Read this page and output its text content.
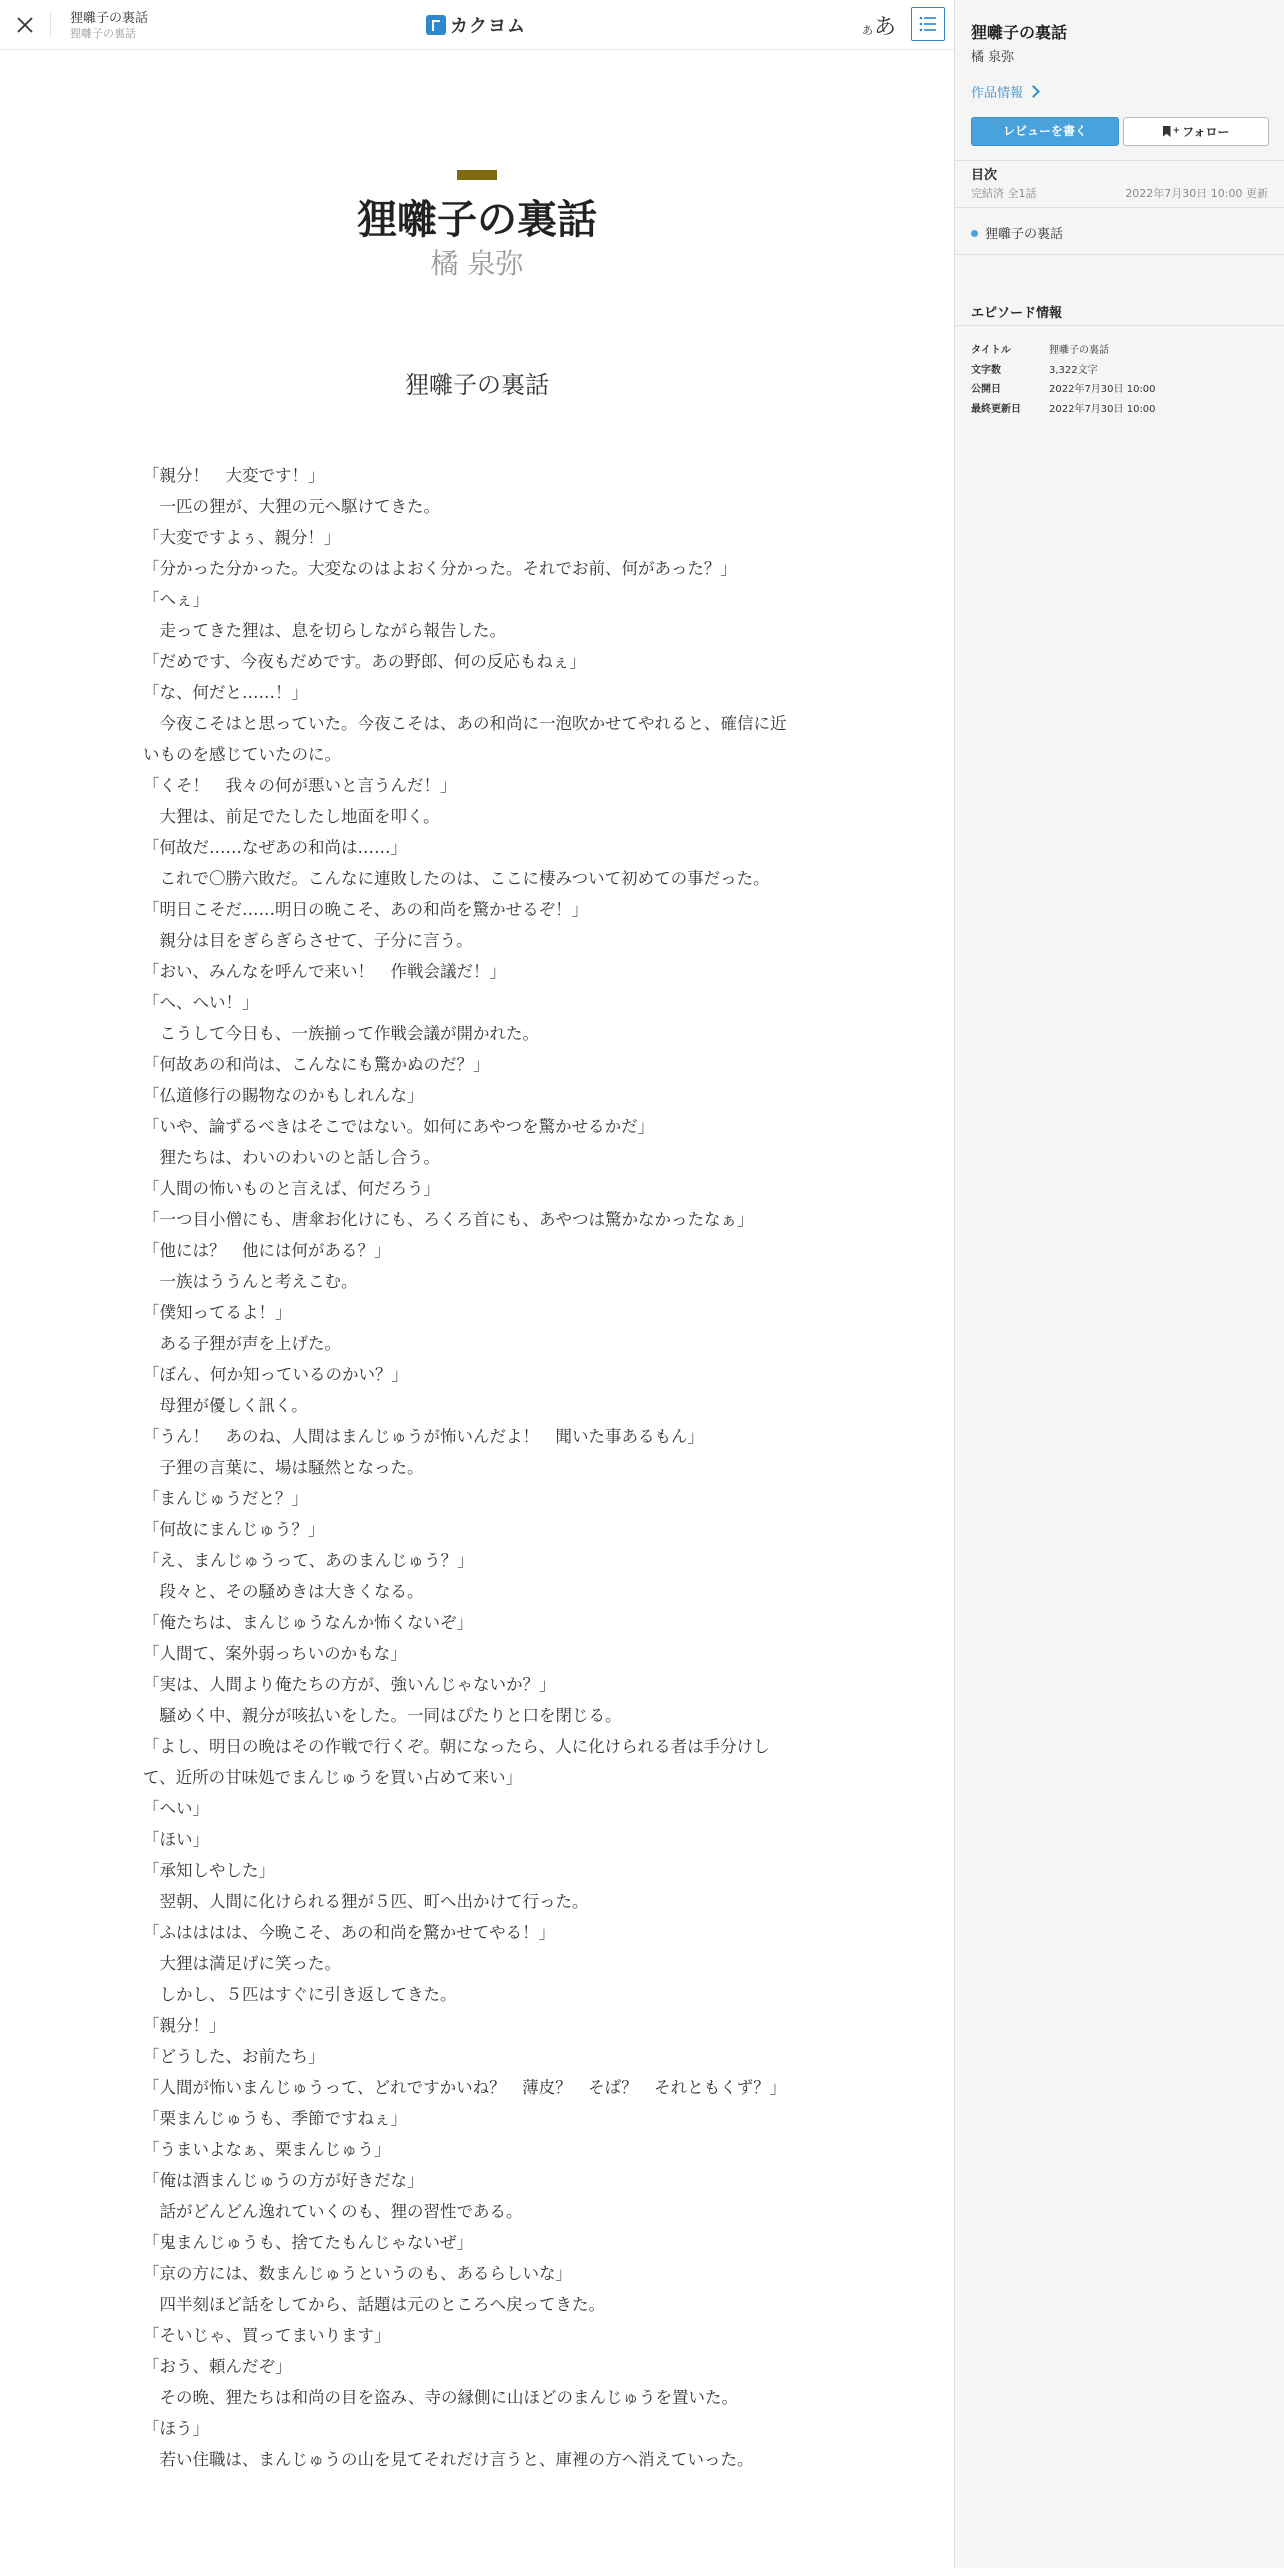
狸囃子の裏話
狸囃子の裏話	カクヨム	あ あ
狸囃子の裏話
橘 泉弥
狸囃子の裏話

「親分！　大変です！」

　一匹の狸が、大狸の元へ駆けてきた。

「大変ですよぅ、親分！」

「分かった分かった。大変なのはよおく分かった。それでお前、何があった？」

「へぇ」

　走ってきた狸は、息を切らしながら報告した。

「だめです、今夜もだめです。あの野郎、何の反応もねぇ」

「な、何だと……！」

　今夜こそはと思っていた。今夜こそは、あの和尚に一泡吹かせてやれると、確信に近いものを感じていたのに。

「くそ！　我々の何が悪いと言うんだ！」

　大狸は、前足でたしたし地面を叩く。

「何故だ……なぜあの和尚は……」

　これで〇勝六敗だ。こんなに連敗したのは、ここに棲みついて初めての事だった。

「明日こそだ……明日の晩こそ、あの和尚を驚かせるぞ！」

　親分は目をぎらぎらさせて、子分に言う。

「おい、みんなを呼んで来い！　作戦会議だ！」

「へ、へい！」

　こうして今日も、一族揃って作戦会議が開かれた。

「何故あの和尚は、こんなにも驚かぬのだ？」

「仏道修行の賜物なのかもしれんな」

「いや、論ずるべきはそこではない。如何にあやつを驚かせるかだ」

　狸たちは、わいのわいのと話し合う。

「人間の怖いものと言えば、何だろう」

「一つ目小僧にも、唐傘お化けにも、ろくろ首にも、あやつは驚かなかったなぁ」

「他には？　他には何がある？」

　一族はううんと考えこむ。

「僕知ってるよ！」

　ある子狸が声を上げた。

「ぼん、何か知っているのかい？」

　母狸が優しく訊く。

「うん！　あのね、人間はまんじゅうが怖いんだよ！　聞いた事あるもん」

　子狸の言葉に、場は騒然となった。

「まんじゅうだと？」

「何故にまんじゅう？」

「え、まんじゅうって、あのまんじゅう？」

　段々と、その騒めきは大きくなる。

「俺たちは、まんじゅうなんか怖くないぞ」

「人間て、案外弱っちいのかもな」

「実は、人間より俺たちの方が、強いんじゃないか？」

　騒めく中、親分が咳払いをした。一同はぴたりと口を閉じる。

「よし、明日の晩はその作戦で行くぞ。朝になったら、人に化けられる者は手分けして、近所の甘味処でまんじゅうを買い占めて来い」

「へい」

「ほい」

「承知しやした」

　翌朝、人間に化けられる狸が５匹、町へ出かけて行った。

「ふはははは、今晩こそ、あの和尚を驚かせてやる！」

　大狸は満足げに笑った。

　しかし、５匹はすぐに引き返してきた。

「親分！」

「どうした、お前たち」

「人間が怖いまんじゅうって、どれですかいね？　薄皮？　そば？　それともくず？」

「栗まんじゅうも、季節ですねぇ」

「うまいよなぁ、栗まんじゅう」

「俺は酒まんじゅうの方が好きだな」

　話がどんどん逸れていくのも、狸の習性である。

「鬼まんじゅうも、捨てたもんじゃないぜ」

「京の方には、数まんじゅうというのも、あるらしいな」

　四半刻ほど話をしてから、話題は元のところへ戻ってきた。

「そいじゃ、買ってまいります」

「おう、頼んだぞ」

　その晩、狸たちは和尚の目を盗み、寺の縁側に山ほどのまんじゅうを置いた。

「ほう」

　若い住職は、まんじゅうの山を見てそれだけ言うと、庫裡の方へ消えていった。

狸囃子の裏話
橘 泉弥
作品情報
レビューを書く	+ フォロー
目次
完結済 全1話	2022年7月30日 10:00 更新
狸囃子の裏話
エピソード情報
タイトル	狸囃子の裏話
文字数	3,322文字
公開日	2022年7月30日 10:00
最終更新日	2022年7月30日 10:00
